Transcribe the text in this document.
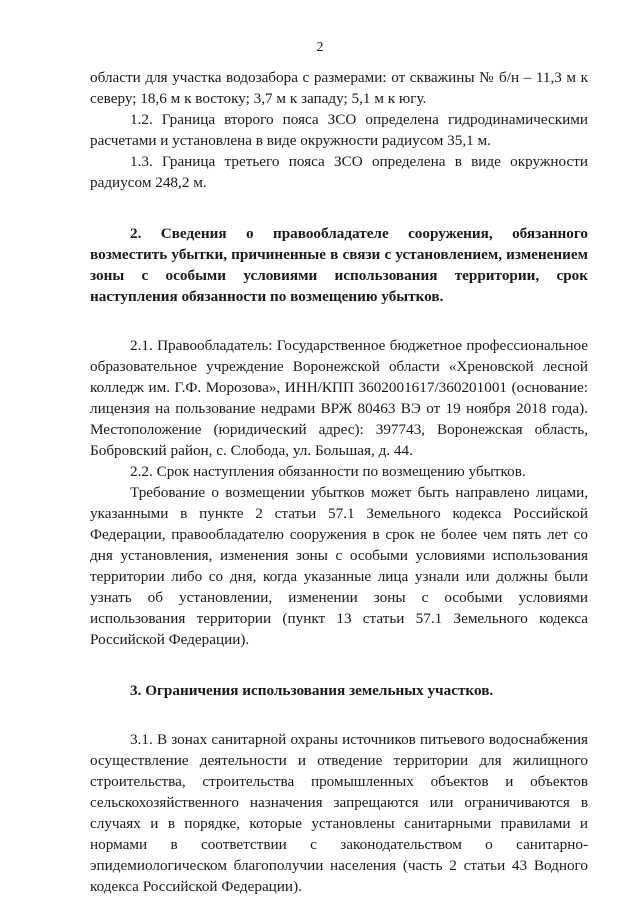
2

области для участка водозабора с размерами: от скважины № б/н – 11,3 м к северу; 18,6 м к востоку; 3,7 м к западу; 5,1 м к югу.

1.2. Граница второго пояса ЗСО определена гидродинамическими расчетами и установлена в виде окружности радиусом 35,1 м.

1.3. Граница третьего пояса ЗСО определена в виде окружности радиусом 248,2 м.

2. Сведения о правообладателе сооружения, обязанного возместить убытки, причиненные в связи с установлением, изменением зоны с особыми условиями использования территории, срок наступления обязанности по возмещению убытков.

2.1. Правообладатель: Государственное бюджетное профессиональное образовательное учреждение Воронежской области «Хреновской лесной колледж им. Г.Ф. Морозова», ИНН/КПП 3602001617/360201001 (основание: лицензия на пользование недрами ВРЖ 80463 ВЭ от 19 ноября 2018 года). Местоположение (юридический адрес): 397743, Воронежская область, Бобровский район, с. Слобода, ул. Большая, д. 44.

2.2. Срок наступления обязанности по возмещению убытков.

Требование о возмещении убытков может быть направлено лицами, указанными в пункте 2 статьи 57.1 Земельного кодекса Российской Федерации, правообладателю сооружения в срок не более чем пять лет со дня установления, изменения зоны с особыми условиями использования территории либо со дня, когда указанные лица узнали или должны были узнать об установлении, изменении зоны с особыми условиями использования территории (пункт 13 статьи 57.1 Земельного кодекса Российской Федерации).

3. Ограничения использования земельных участков.

3.1. В зонах санитарной охраны источников питьевого водоснабжения осуществление деятельности и отведение территории для жилищного строительства, строительства промышленных объектов и объектов сельскохозяйственного назначения запрещаются или ограничиваются в случаях и в порядке, которые установлены санитарными правилами и нормами в соответствии с законодательством о санитарно-эпидемиологическом благополучии населения (часть 2 статьи 43 Водного кодекса Российской Федерации).
